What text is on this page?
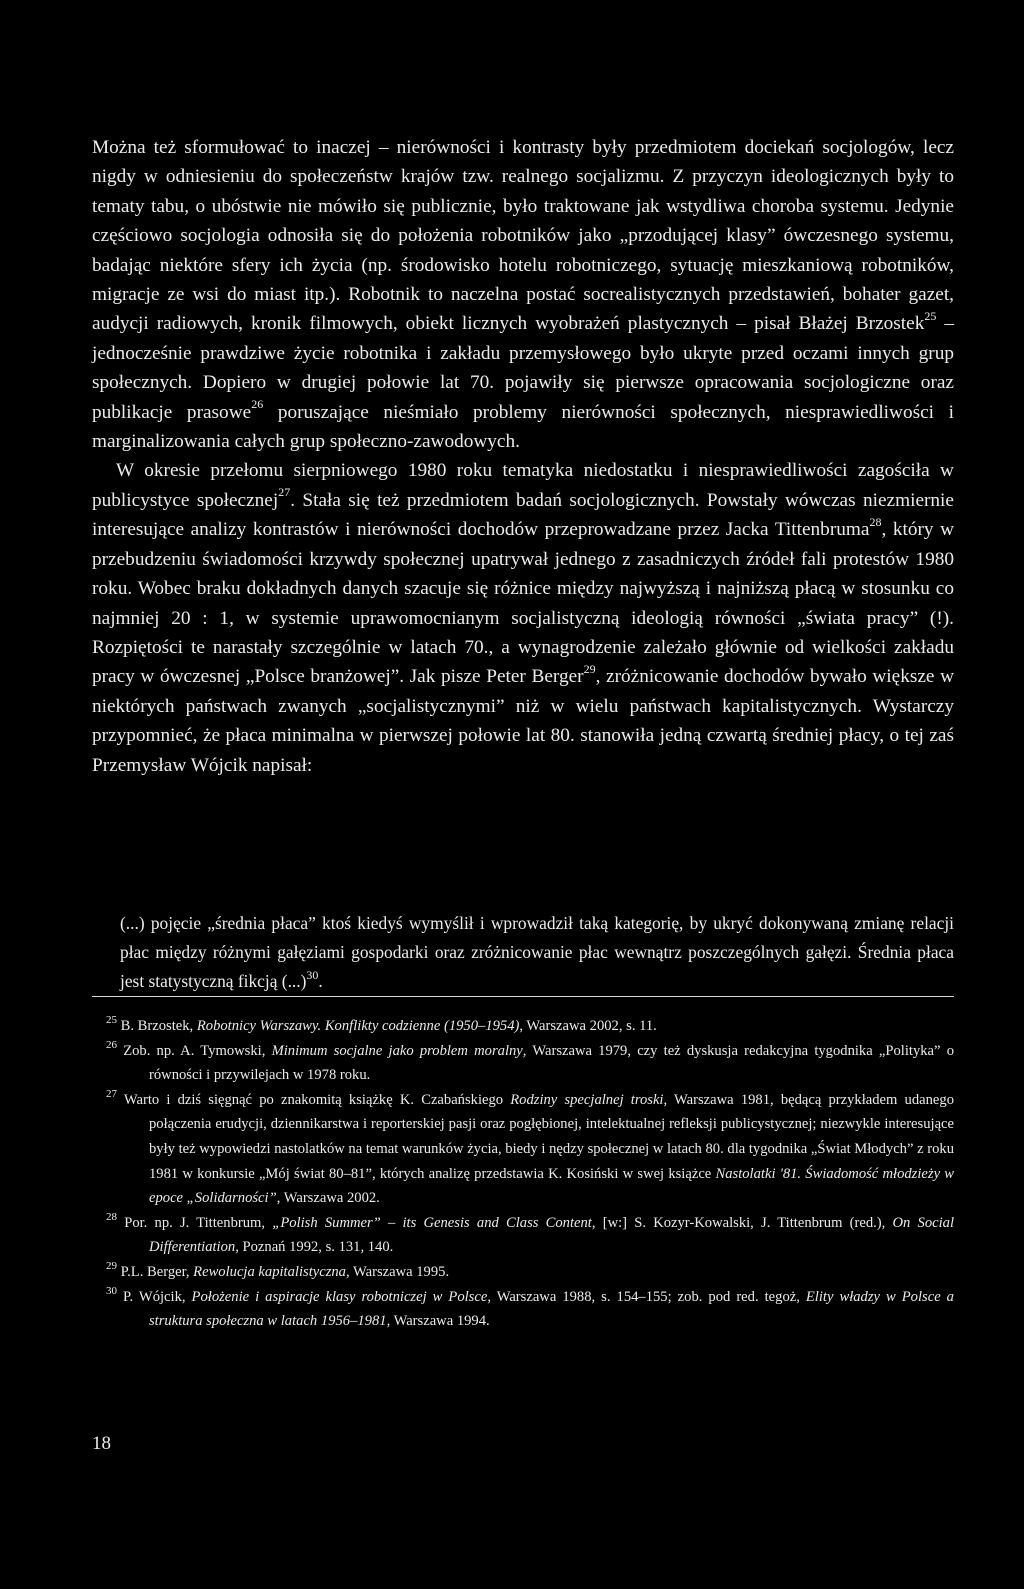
Można też sformułować to inaczej – nierówności i kontrasty były przedmiotem dociekań socjologów, lecz nigdy w odniesieniu do społeczeństw krajów tzw. realnego socjalizmu. Z przyczyn ideologicznych były to tematy tabu, o ubóstwie nie mówiło się publicznie, było traktowane jak wstydliwa choroba systemu. Jedynie częściowo socjologia odnosiła się do położenia robotników jako „przodującej klasy” ówczesnego systemu, badając niektóre sfery ich życia (np. środowisko hotelu robotniczego, sytuację mieszkaniową robotników, migracje ze wsi do miast itp.). Robotnik to naczelna postać socrealistycznych przedstawień, bohater gazet, audycji radiowych, kronik filmowych, obiekt licznych wyobrażeń plastycznych – pisał Błażej Brzostek$^{25}$ – jednocześnie prawdziwe życie robotnika i zakładu przemysłowego było ukryte przed oczami innych grup społecznych. Dopiero w drugiej połowie lat 70. pojawiły się pierwsze opracowania socjologiczne oraz publikacje prasowe$^{26}$ poruszające nieśmiało problemy nierówności społecznych, niesprawiedliwości i marginalizowania całych grup społeczno-zawodowych.

W okresie przełomu sierpniowego 1980 roku tematyka niedostatku i niesprawiedliwości zagościła w publicystyce społecznej$^{27}$. Stała się też przedmiotem badań socjologicznych. Powstały wówczas niezmiernie interesujące analizy kontrastów i nierówności dochodów przeprowadzane przez Jacka Tittenbruma$^{28}$, który w przebudzeniu świadomości krzywdy społecznej upatrywał jednego z zasadniczych źródeł fali protestów 1980 roku. Wobec braku dokładnych danych szacuje się różnice między najwyższą i najniższą płacą w stosunku co najmniej 20 : 1, w systemie uprawomocnianym socjalistyczną ideologią równości „świata pracy” (!). Rozpiętości te narastały szczególnie w latach 70., a wynagrodzenie zależało głównie od wielkości zakładu pracy w ówczesnej „Polsce branżowej”. Jak pisze Peter Berger$^{29}$, zróżnicowanie dochodów bywało większe w niektórych państwach zwanych „socjalistycznymi” niż w wielu państwach kapitalistycznych. Wystarczy przypomnieć, że płaca minimalna w pierwszej połowie lat 80. stanowiła jedną czwartą średniej płacy, o tej zaś Przemysław Wójcik napisał:

(...) pojęcie „średnia płaca” ktoś kiedyś wymyślił i wprowadził taką kategorię, by ukryć dokonywaną zmianę relacji płac między różnymi gałęziami gospodarki oraz zróżnicowanie płac wewnątrz poszczególnych gałęzi. Średnia płaca jest statystyczną fikcją (...)$^{30}$.

$^{25}$ B. Brzostek, Robotnicy Warszawy. Konflikty codzienne (1950–1954), Warszawa 2002, s. 11.

$^{26}$ Zob. np. A. Tymowski, Minimum socjalne jako problem moralny, Warszawa 1979, czy też dyskusja redakcyjna tygodnika „Polityka” o równości i przywilejach w 1978 roku.

$^{27}$ Warto i dziś sięgnąć po znakomitą książkę K. Czabańskiego Rodziny specjalnej troski, Warszawa 1981, będącą przykładem udanego połączenia erudycji, dziennikarstwa i reporterskiej pasji oraz pogłębionej, intelektualnej refleksji publicystycznej; niezwykle interesujące były też wypowiedzi nastolatków na temat warunków życia, biedy i nędzy społecznej w latach 80. dla tygodnika „Świat Młodych” z roku 1981 w konkursie „Mój świat 80–81”, których analizę przedstawia K. Kosiński w swej książce Nastolatki '81. Świadomość młodzieży w epoce „Solidarności”, Warszawa 2002.

$^{28}$ Por. np. J. Tittenbrum, „Polish Summer” – its Genesis and Class Content, [w:] S. Kozyr-Kowalski, J. Tittenbrum (red.), On Social Differentiation, Poznań 1992, s. 131, 140.

$^{29}$ P.L. Berger, Rewolucja kapitalistyczna, Warszawa 1995.

$^{30}$ P. Wójcik, Położenie i aspiracje klasy robotniczej w Polsce, Warszawa 1988, s. 154–155; zob. pod red. tegoż, Elity władzy w Polsce a struktura społeczna w latach 1956–1981, Warszawa 1994.

18
